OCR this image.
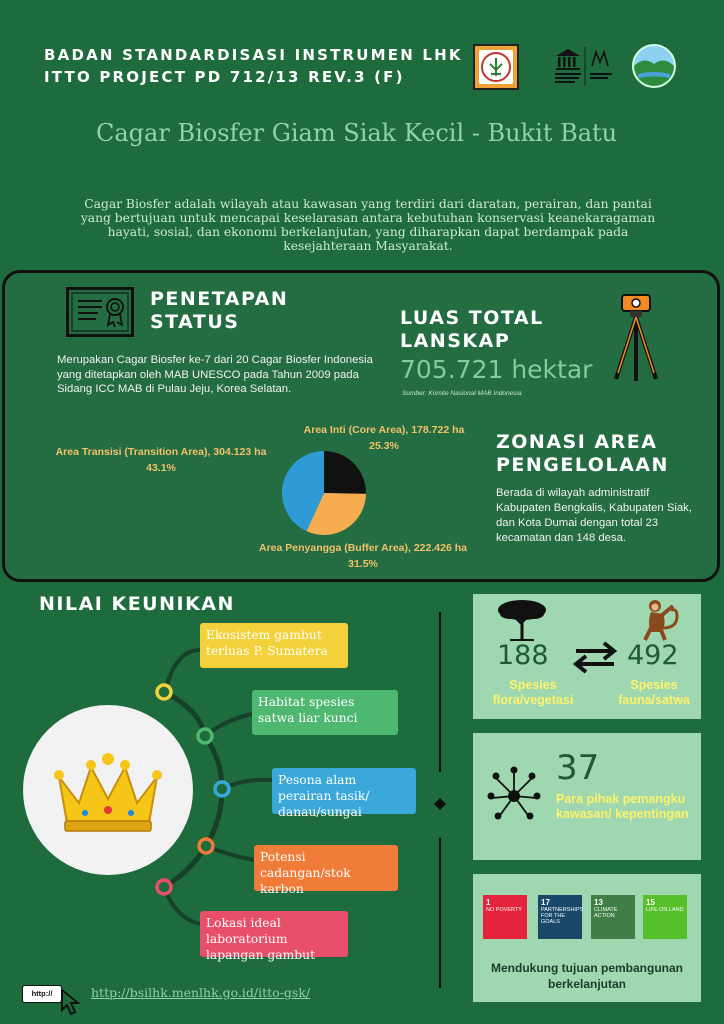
BADAN STANDARDISASI INSTRUMEN LHK
ITTO PROJECT PD 712/13 REV.3 (F)
Cagar Biosfer Giam Siak Kecil - Bukit Batu
Cagar Biosfer adalah wilayah atau kawasan yang terdiri dari daratan, perairan, dan pantai yang bertujuan untuk mencapai keselarasan antara kebutuhan konservasi keanekaragaman hayati, sosial, dan ekonomi berkelanjutan, yang diharapkan dapat berdampak pada kesejahteraan Masyarakat.
PENETAPAN STATUS
Merupakan Cagar Biosfer ke-7 dari 20 Cagar Biosfer Indonesia yang ditetapkan oleh MAB UNESCO pada Tahun 2009 pada Sidang ICC MAB di Pulau Jeju, Korea Selatan.
LUAS TOTAL LANSKAP
705.721 hektar
Sumber: Komite Nasional MAB Indonesia
Area Inti (Core Area), 178.722 ha
25.3%
Area Transisi (Transition Area), 304.123 ha
43.1%
Area Penyangga (Buffer Area), 222.426 ha
31.5%
ZONASI AREA PENGELOLAAN
Berada di wilayah administratif Kabupaten Bengkalis, Kabupaten Siak, dan Kota Dumai dengan total 23 kecamatan dan 148 desa.
NILAI KEUNIKAN
Ekosistem gambut terluas P. Sumatera
Habitat spesies satwa liar kunci
Pesona alam perairan tasik/ danau/sungai
Potensi cadangan/stok karbon
Lokasi ideal laboratorium lapangan gambut
188	492
Spesies flora/vegetasi
Spesies fauna/satwa
37
Para pihak pemangku kawasan/ kepentingan
1
NO POVERTY
17
PARTNERSHIPS FOR THE GOALS
13
CLIMATE ACTION
15
LIFE ON LAND
Mendukung tujuan pembangunan berkelanjutan
http://	http://bsilhk.menlhk.go.id/itto-gsk/
